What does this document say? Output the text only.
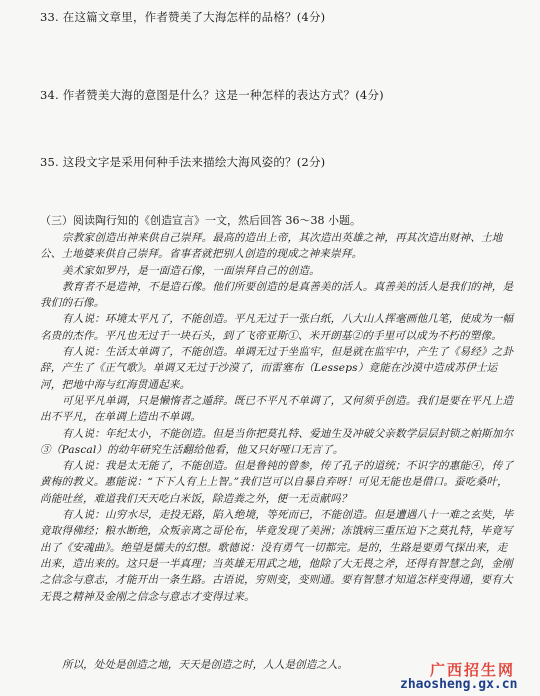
33. 在这篇文章里，作者赞美了大海怎样的品格？(4分)
34. 作者赞美大海的意图是什么？这是一种怎样的表达方式？(4分)
35. 这段文字是采用何种手法来描绘大海风姿的？(2分)
（三）阅读陶行知的《创造宣言》一文，然后回答 36～38 小题。

宗教家创造出神来供自己崇拜。最高的造出上帝，其次造出英雄之神，再其次造出财神、土地公、土地婆来供自己崇拜。省事者就把别人创造的现成之神来崇拜。

美术家如罗丹，是一面造石像，一面崇拜自己的创造。

教育者不是造神，不是造石像。他们所要创造的是真善美的活人。真善美的活人是我们的神，是我们的石像。

有人说：环境太平凡了，不能创造。平凡无过于一张白纸，八大山人挥毫画他几笔，使成为一幅名贵的杰作。平凡也无过于一块石头，到了飞帝亚斯①、米开朗基②的手里可以成为不朽的塑像。

有人说：生活太单调了，不能创造。单调无过于坐监牢，但是就在监牢中，产生了《易经》之卦辞，产生了《正气歌》。单调又无过于沙漠了，而雷塞布（Lesseps）竟能在沙漠中造成苏伊士运河，把地中海与红海贯通起来。

可见平凡单调，只是懒惰者之遁辞。既已不平凡不单调了，又何须乎创造。我们是要在平凡上造出不平凡，在单调上造出不单调。

有人说：年纪太小，不能创造。但是当你把莫扎特、爱迪生及冲破父亲数学层层封锁之帕斯加尔③（Pascal）的幼年研究生活翻给他看，他又只好哑口无言了。

有人说：我是太无能了，不能创造。但是鲁钝的曾参，传了孔子的道统；不识字的惠能④，传了黄梅的教义。惠能说：“下下人有上上智。”我们岂可以自暴自弃呀！可见无能也是借口。蚕吃桑叶，尚能吐丝，难道我们天天吃白米饭，除造粪之外，便一无贡献吗？

有人说：山穷水尽，走投无路，陷入绝境，等死而已，不能创造。但是遭遇八十一难之玄奘，毕竟取得佛经；粮水断绝，众叛亲离之哥伦布，毕竟发现了美洲；冻饿病三重压迫下之莫扎特，毕竟写出了《安魂曲》。绝望是懦夫的幻想。歌德说：没有勇气一切都完。是的，生路是要勇气探出来，走出来，造出来的。这只是一半真理；当英雄无用武之地，他除了大无畏之斧，还得有智慧之剑，金刚之信念与意志，才能开出一条生路。古语说，穷则变，变则通。要有智慧才知道怎样变得通，要有大无畏之精神及金刚之信念与意志才变得过来。

所以，处处是创造之地，天天是创造之时，人人是创造之人。	广西招生网
zhaosheng.gx.cn
